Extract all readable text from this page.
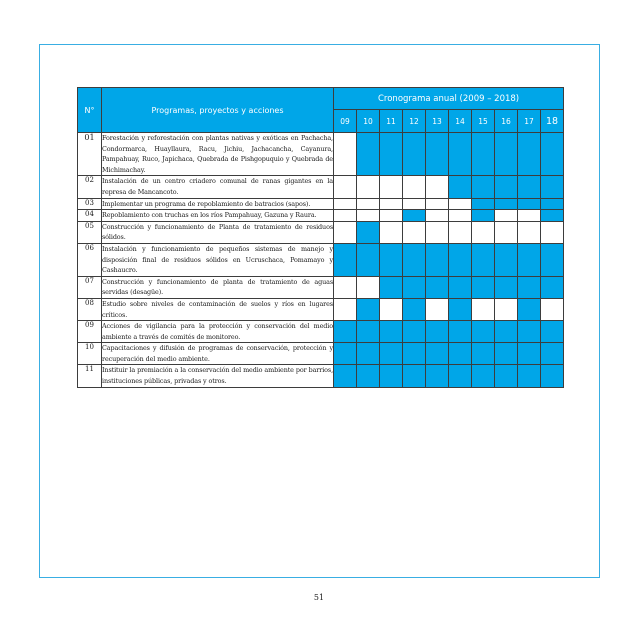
N°	Programas, proyectos y acciones	Cronograma anual (2009 – 2018)									
		09	10	11	12	13	14	15	16	17	18
01	Forestación y reforestación con plantas nativas y exóticas en Pachacha, Condormarca, Huayllaura, Racu, Jichiu, Jachacancha, Cayanura, Pampahuay, Ruco, Japichaca, Quebrada de Pishgopuquio y Quebrada de Michimachay.										
02	Instalación de un centro criadero comunal de ranas gigantes en la represa de Mancancoto.										
03	Implementar un programa de repoblamiento de batracios (sapos).										
04	Repoblamiento con truchas en los ríos Pampahuay, Gazuna y Raura.										
05	Construcción y funcionamiento de Planta de tratamiento de residuos sólidos.										
06	Instalación y funcionamiento de pequeños sistemas de manejo y disposición final de residuos sólidos en Ucruschaca, Pomamayo y Cashaucro.										
07	Construcción y funcionamiento de planta de tratamiento de aguas servidas (desagüe).										
08	Estudio sobre niveles de contaminación de suelos y ríos en lugares críticos.										
09	Acciones de vigilancia para la protección y conservación del medio ambiente a través de comités de monitoreo.										
10	Capacitaciones y difusión de programas de conservación, protección y recuperación del medio ambiente.										
11	Instituir la premiación a la conservación del medio ambiente por barrios, instituciones públicas, privadas y otros.										
51
